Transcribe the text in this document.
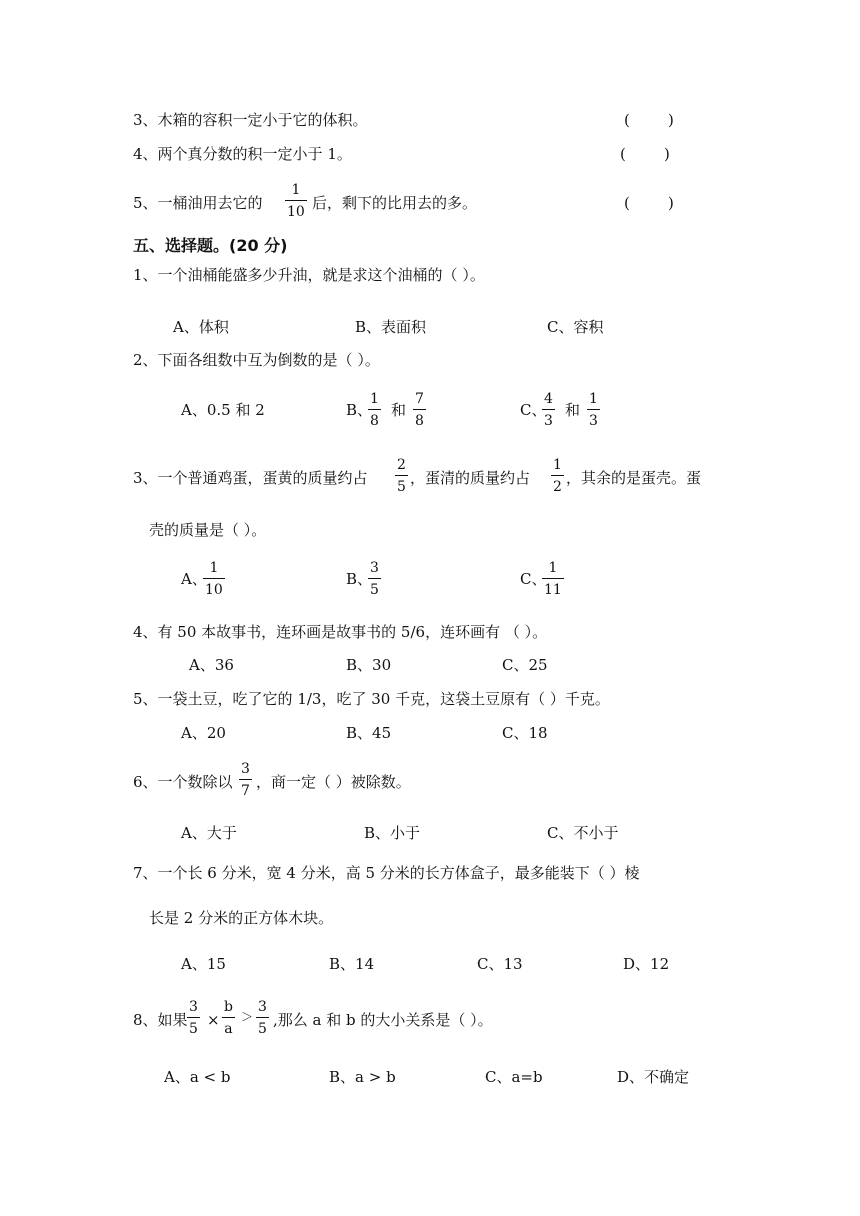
3、木箱的容积一定小于它的体积。	(        )
4、两个真分数的积一定小于 1。	(        )
5、一桶油用去它的 $\frac{1}{10}$ 后，剩下的比用去的多。	(        )
五、选择题。(20 分)
1、一个油桶能盛多少升油，就是求这个油桶的（ ）。
A、体积	B、表面积	C、容积
2、下面各组数中互为倒数的是（ ）。
A、0.5 和 2	B、
$\frac{1}{8}$ 和 $\frac{7}{8}$	C、
$\frac{4}{3}$ 和 $\frac{1}{3}$
3、一个普通鸡蛋，蛋黄的质量约占 $\frac{2}{5}$ ，蛋清的质量约占 $\frac{1}{2}$ ，其余的是蛋壳。蛋
壳的质量是（ ）。
A、
$\frac{1}{10}$	B、
$\frac{3}{5}$	C、
$\frac{1}{11}$
4、有 50 本故事书，连环画是故事书的 5/6，连环画有 （ ）。
A、36	B、30	C、25
5、一袋土豆，吃了它的 1/3，吃了 30 千克，这袋土豆原有（ ）千克。
A、20	B、45	C、18
6、一个数除以 $\frac{3}{7}$ ，商一定（ ）被除数。
A、大于	B、小于	C、不小于
7、一个长 6 分米，宽 4 分米，高 5 分米的长方体盒子，最多能装下（ ）棱
长是 2 分米的正方体木块。
A、15	B、14	C、13	D、12
8、如果 $\frac{3}{5} \times \frac{b}{a} > \frac{3}{5}$ ,那么 a 和 b 的大小关系是（ ）。
A、a < b	B、a > b	C、a=b	D、不确定
